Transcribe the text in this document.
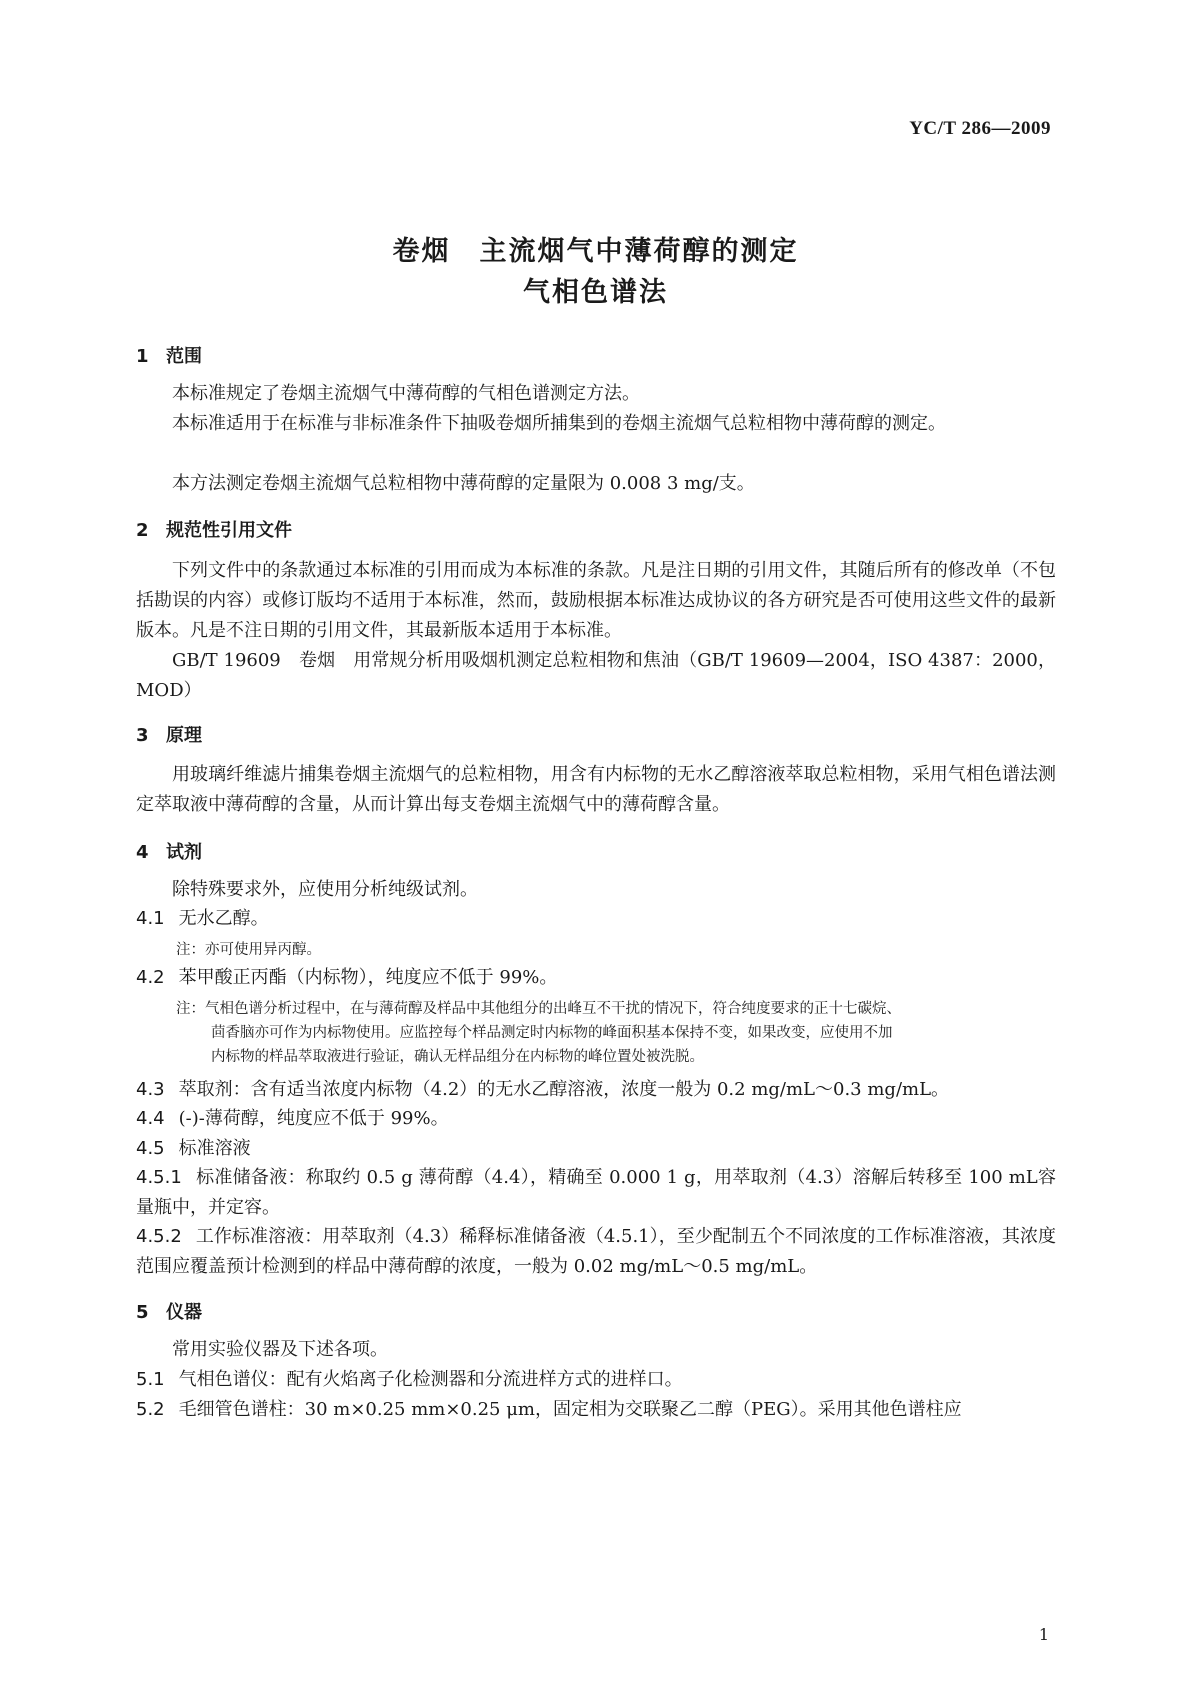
YC/T 286—2009
卷烟　主流烟气中薄荷醇的测定
气相色谱法
1 范围
本标准规定了卷烟主流烟气中薄荷醇的气相色谱测定方法。
本标准适用于在标准与非标准条件下抽吸卷烟所捕集到的卷烟主流烟气总粒相物中薄荷醇的测定。
本方法测定卷烟主流烟气总粒相物中薄荷醇的定量限为 0.008 3 mg/支。
2 规范性引用文件
下列文件中的条款通过本标准的引用而成为本标准的条款。凡是注日期的引用文件，其随后所有的修改单（不包括勘误的内容）或修订版均不适用于本标准，然而，鼓励根据本标准达成协议的各方研究是否可使用这些文件的最新版本。凡是不注日期的引用文件，其最新版本适用于本标准。
GB/T 19609　卷烟　用常规分析用吸烟机测定总粒相物和焦油（GB/T 19609—2004，ISO 4387：2000，MOD）
3 原理
用玻璃纤维滤片捕集卷烟主流烟气的总粒相物，用含有内标物的无水乙醇溶液萃取总粒相物，采用气相色谱法测定萃取液中薄荷醇的含量，从而计算出每支卷烟主流烟气中的薄荷醇含量。
4 试剂
除特殊要求外，应使用分析纯级试剂。
4.1 无水乙醇。
注：亦可使用异丙醇。
4.2 苯甲酸正丙酯（内标物），纯度应不低于 99%。
注：气相色谱分析过程中，在与薄荷醇及样品中其他组分的出峰互不干扰的情况下，符合纯度要求的正十七碳烷、
茴香脑亦可作为内标物使用。应监控每个样品测定时内标物的峰面积基本保持不变，如果改变，应使用不加
内标物的样品萃取液进行验证，确认无样品组分在内标物的峰位置处被洗脱。
4.3 萃取剂：含有适当浓度内标物（4.2）的无水乙醇溶液，浓度一般为 0.2 mg/mL～0.3 mg/mL。
4.4 (-)-薄荷醇，纯度应不低于 99%。
4.5 标准溶液
4.5.1 标准储备液：称取约 0.5 g 薄荷醇（4.4），精确至 0.000 1 g，用萃取剂（4.3）溶解后转移至 100 mL容量瓶中，并定容。
4.5.2 工作标准溶液：用萃取剂（4.3）稀释标准储备液（4.5.1），至少配制五个不同浓度的工作标准溶液，其浓度范围应覆盖预计检测到的样品中薄荷醇的浓度，一般为 0.02 mg/mL～0.5 mg/mL。
5 仪器
常用实验仪器及下述各项。
5.1 气相色谱仪：配有火焰离子化检测器和分流进样方式的进样口。
5.2 毛细管色谱柱：30 m×0.25 mm×0.25 μm，固定相为交联聚乙二醇（PEG）。采用其他色谱柱应
1
